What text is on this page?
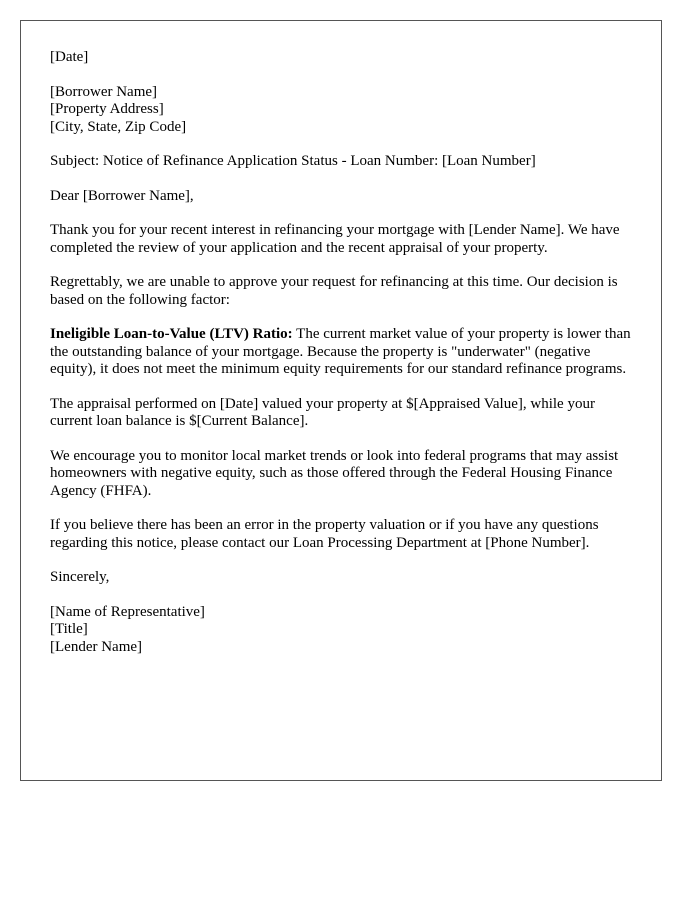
[Date]

[Borrower Name]
[Property Address]
[City, State, Zip Code]

Subject: Notice of Refinance Application Status - Loan Number: [Loan Number]

Dear [Borrower Name],

Thank you for your recent interest in refinancing your mortgage with [Lender Name]. We have completed the review of your application and the recent appraisal of your property.

Regrettably, we are unable to approve your request for refinancing at this time. Our decision is based on the following factor:

Ineligible Loan-to-Value (LTV) Ratio: The current market value of your property is lower than the outstanding balance of your mortgage. Because the property is "underwater" (negative equity), it does not meet the minimum equity requirements for our standard refinance programs.

The appraisal performed on [Date] valued your property at $[Appraised Value], while your current loan balance is $[Current Balance].

We encourage you to monitor local market trends or look into federal programs that may assist homeowners with negative equity, such as those offered through the Federal Housing Finance Agency (FHFA).

If you believe there has been an error in the property valuation or if you have any questions regarding this notice, please contact our Loan Processing Department at [Phone Number].

Sincerely,

[Name of Representative]
[Title]
[Lender Name]
